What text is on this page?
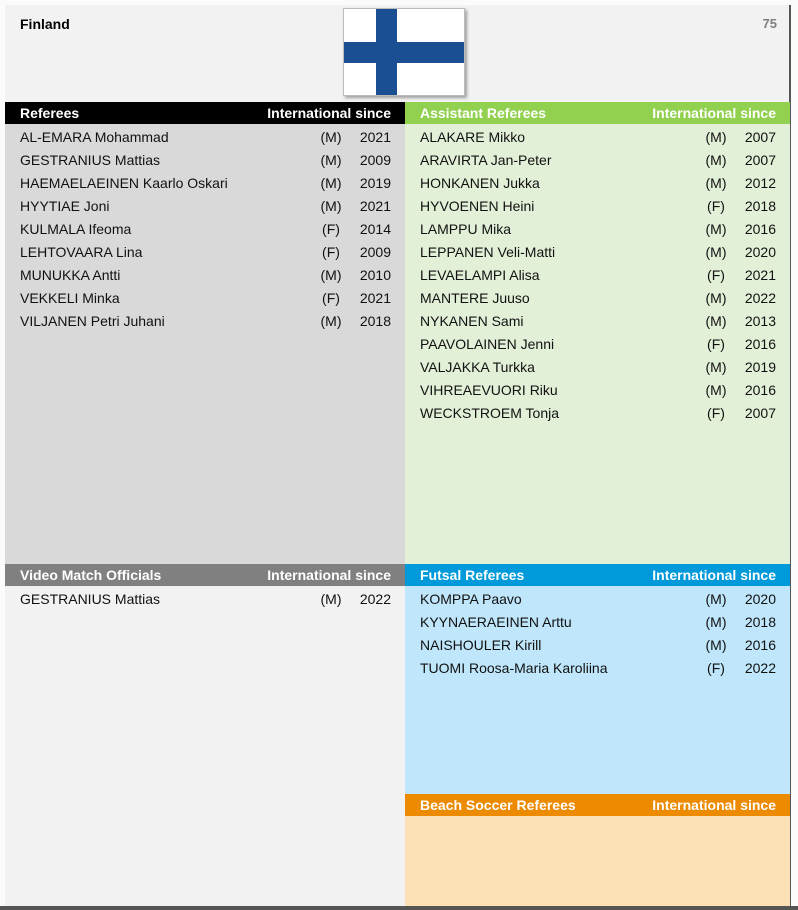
Finland	75
Referees	International since
AL-EMARA Mohammad	(M)	2021
GESTRANIUS Mattias	(M)	2009
HAEMAELAEINEN Kaarlo Oskari	(M)	2019
HYYTIAE Joni	(M)	2021
KULMALA Ifeoma	(F)	2014
LEHTOVAARA Lina	(F)	2009
MUNUKKA Antti	(M)	2010
VEKKELI Minka	(F)	2021
VILJANEN Petri Juhani	(M)	2018
Assistant Referees	International since
ALAKARE Mikko	(M)	2007
ARAVIRTA Jan-Peter	(M)	2007
HONKANEN Jukka	(M)	2012
HYVOENEN Heini	(F)	2018
LAMPPU Mika	(M)	2016
LEPPANEN Veli-Matti	(M)	2020
LEVAELAMPI Alisa	(F)	2021
MANTERE Juuso	(M)	2022
NYKANEN Sami	(M)	2013
PAAVOLAINEN Jenni	(F)	2016
VALJAKKA Turkka	(M)	2019
VIHREAEVUORI Riku	(M)	2016
WECKSTROEM Tonja	(F)	2007
Video Match Officials	International since
GESTRANIUS Mattias	(M)	2022
Futsal Referees	International since
KOMPPA Paavo	(M)	2020
KYYNAERAEINEN Arttu	(M)	2018
NAISHOULER Kirill	(M)	2016
TUOMI Roosa-Maria Karoliina	(F)	2022
Beach Soccer Referees	International since
